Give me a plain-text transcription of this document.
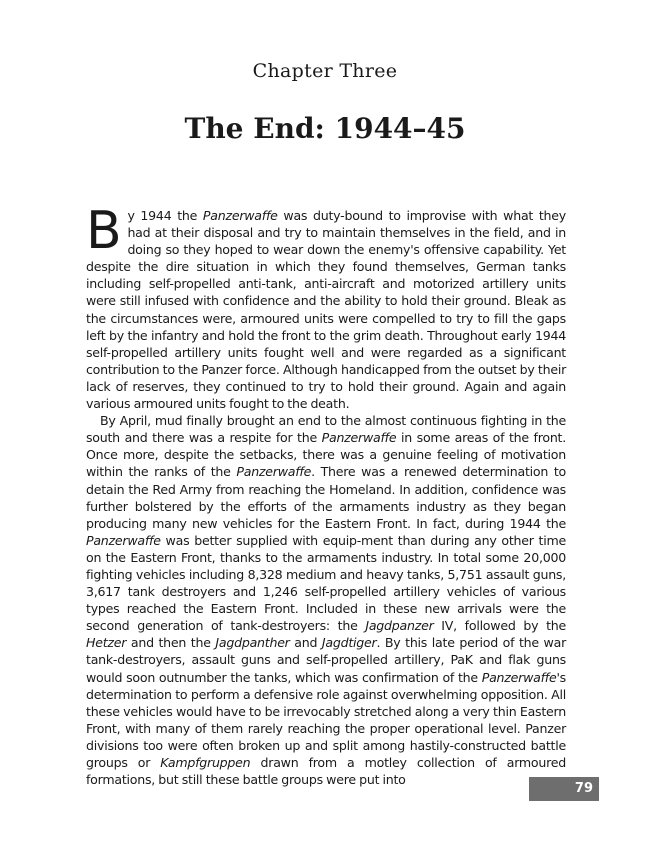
Chapter Three
The End: 1944–45

By 1944 the Panzerwaffe was duty-bound to improvise with what they had at their disposal and try to maintain themselves in the field, and in doing so they hoped to wear down the enemy's offensive capability. Yet despite the dire situation in which they found themselves, German tanks including self-propelled anti-tank, anti-aircraft and motorized artillery units were still infused with confidence and the ability to hold their ground. Bleak as the circumstances were, armoured units were compelled to try to fill the gaps left by the infantry and hold the front to the grim death. Throughout early 1944 self-propelled artillery units fought well and were regarded as a significant contribution to the Panzer force. Although handicapped from the outset by their lack of reserves, they continued to try to hold their ground. Again and again various armoured units fought to the death.

By April, mud finally brought an end to the almost continuous fighting in the south and there was a respite for the Panzerwaffe in some areas of the front. Once more, despite the setbacks, there was a genuine feeling of motivation within the ranks of the Panzerwaffe. There was a renewed determination to detain the Red Army from reaching the Homeland. In addition, confidence was further bolstered by the efforts of the armaments industry as they began producing many new vehicles for the Eastern Front. In fact, during 1944 the Panzerwaffe was better supplied with equip-ment than during any other time on the Eastern Front, thanks to the armaments industry. In total some 20,000 fighting vehicles including 8,328 medium and heavy tanks, 5,751 assault guns, 3,617 tank destroyers and 1,246 self-propelled artillery vehicles of various types reached the Eastern Front. Included in these new arrivals were the second generation of tank-destroyers: the Jagdpanzer IV, followed by the Hetzer and then the Jagdpanther and Jagdtiger. By this late period of the war tank-destroyers, assault guns and self-propelled artillery, PaK and flak guns would soon outnumber the tanks, which was confirmation of the Panzerwaffe's determination to perform a defensive role against overwhelming opposition. All these vehicles would have to be irrevocably stretched along a very thin Eastern Front, with many of them rarely reaching the proper operational level. Panzer divisions too were often broken up and split among hastily-constructed battle groups or Kampfgruppen drawn from a motley collection of armoured formations, but still these battle groups were put into

79
